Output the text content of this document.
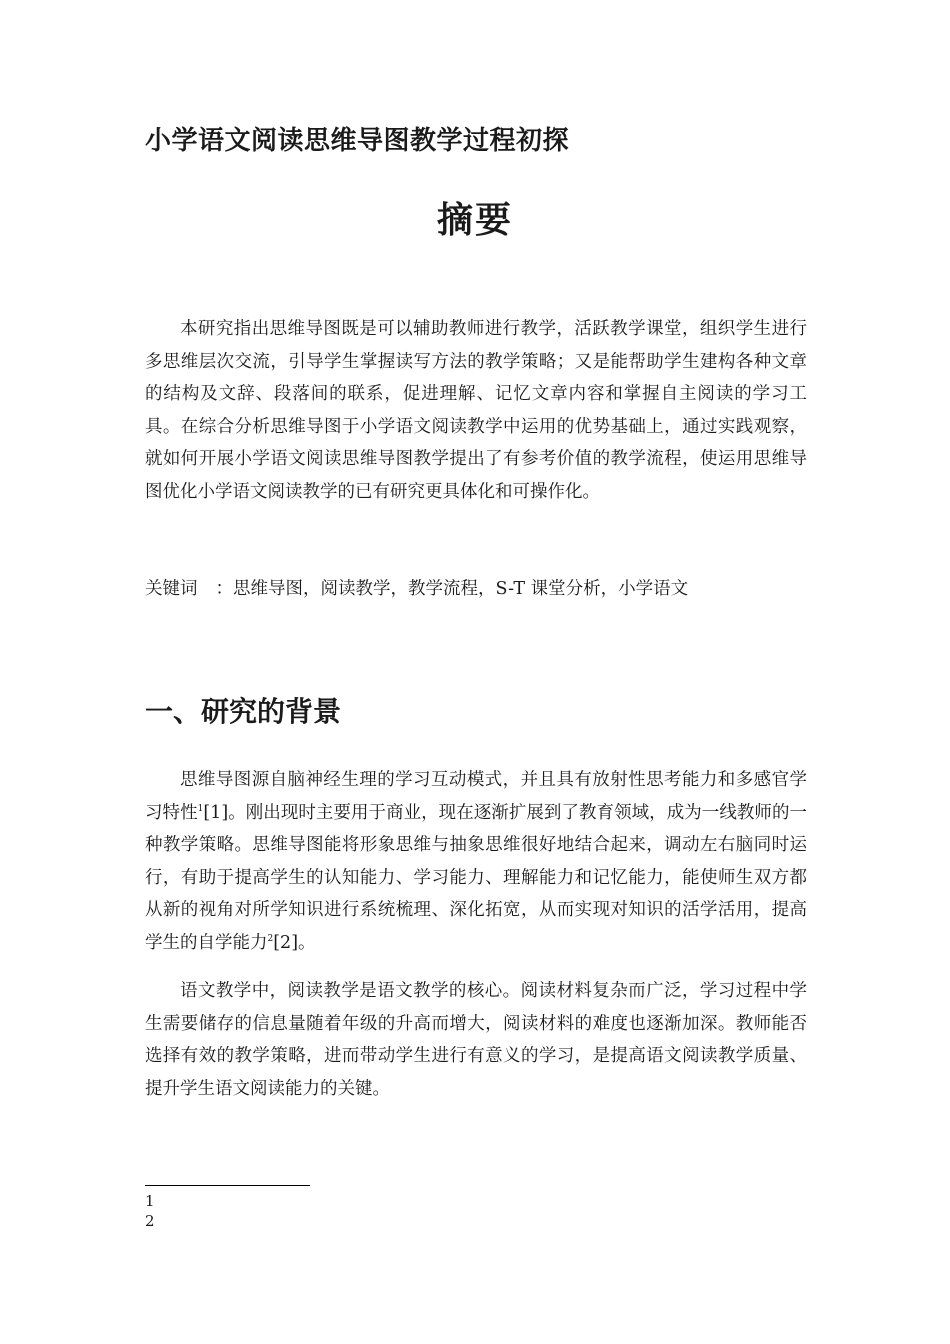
小学语文阅读思维导图教学过程初探
摘要

本研究指出思维导图既是可以辅助教师进行教学，活跃教学课堂，组织学生进行多思维层次交流，引导学生掌握读写方法的教学策略；又是能帮助学生建构各种文章的结构及文辞、段落间的联系，促进理解、记忆文章内容和掌握自主阅读的学习工具。在综合分析思维导图于小学语文阅读教学中运用的优势基础上，通过实践观察，就如何开展小学语文阅读思维导图教学提出了有参考价值的教学流程，使运用思维导图优化小学语文阅读教学的已有研究更具体化和可操作化。

关键词 ：思维导图，阅读教学，教学流程，S-T 课堂分析，小学语文
一、研究的背景

思维导图源自脑神经生理的学习互动模式，并且具有放射性思考能力和多感官学习特性$^1$[1]。刚出现时主要用于商业，现在逐渐扩展到了教育领域，成为一线教师的一种教学策略。思维导图能将形象思维与抽象思维很好地结合起来，调动左右脑同时运行，有助于提高学生的认知能力、学习能力、理解能力和记忆能力，能使师生双方都从新的视角对所学知识进行系统梳理、深化拓宽，从而实现对知识的活学活用，提高学生的自学能力$^2$[2]。

语文教学中，阅读教学是语文教学的核心。阅读材料复杂而广泛，学习过程中学生需要储存的信息量随着年级的升高而增大，阅读材料的难度也逐渐加深。教师能否选择有效的教学策略，进而带动学生进行有意义的学习，是提高语文阅读教学质量、提升学生语文阅读能力的关键。

1
2
